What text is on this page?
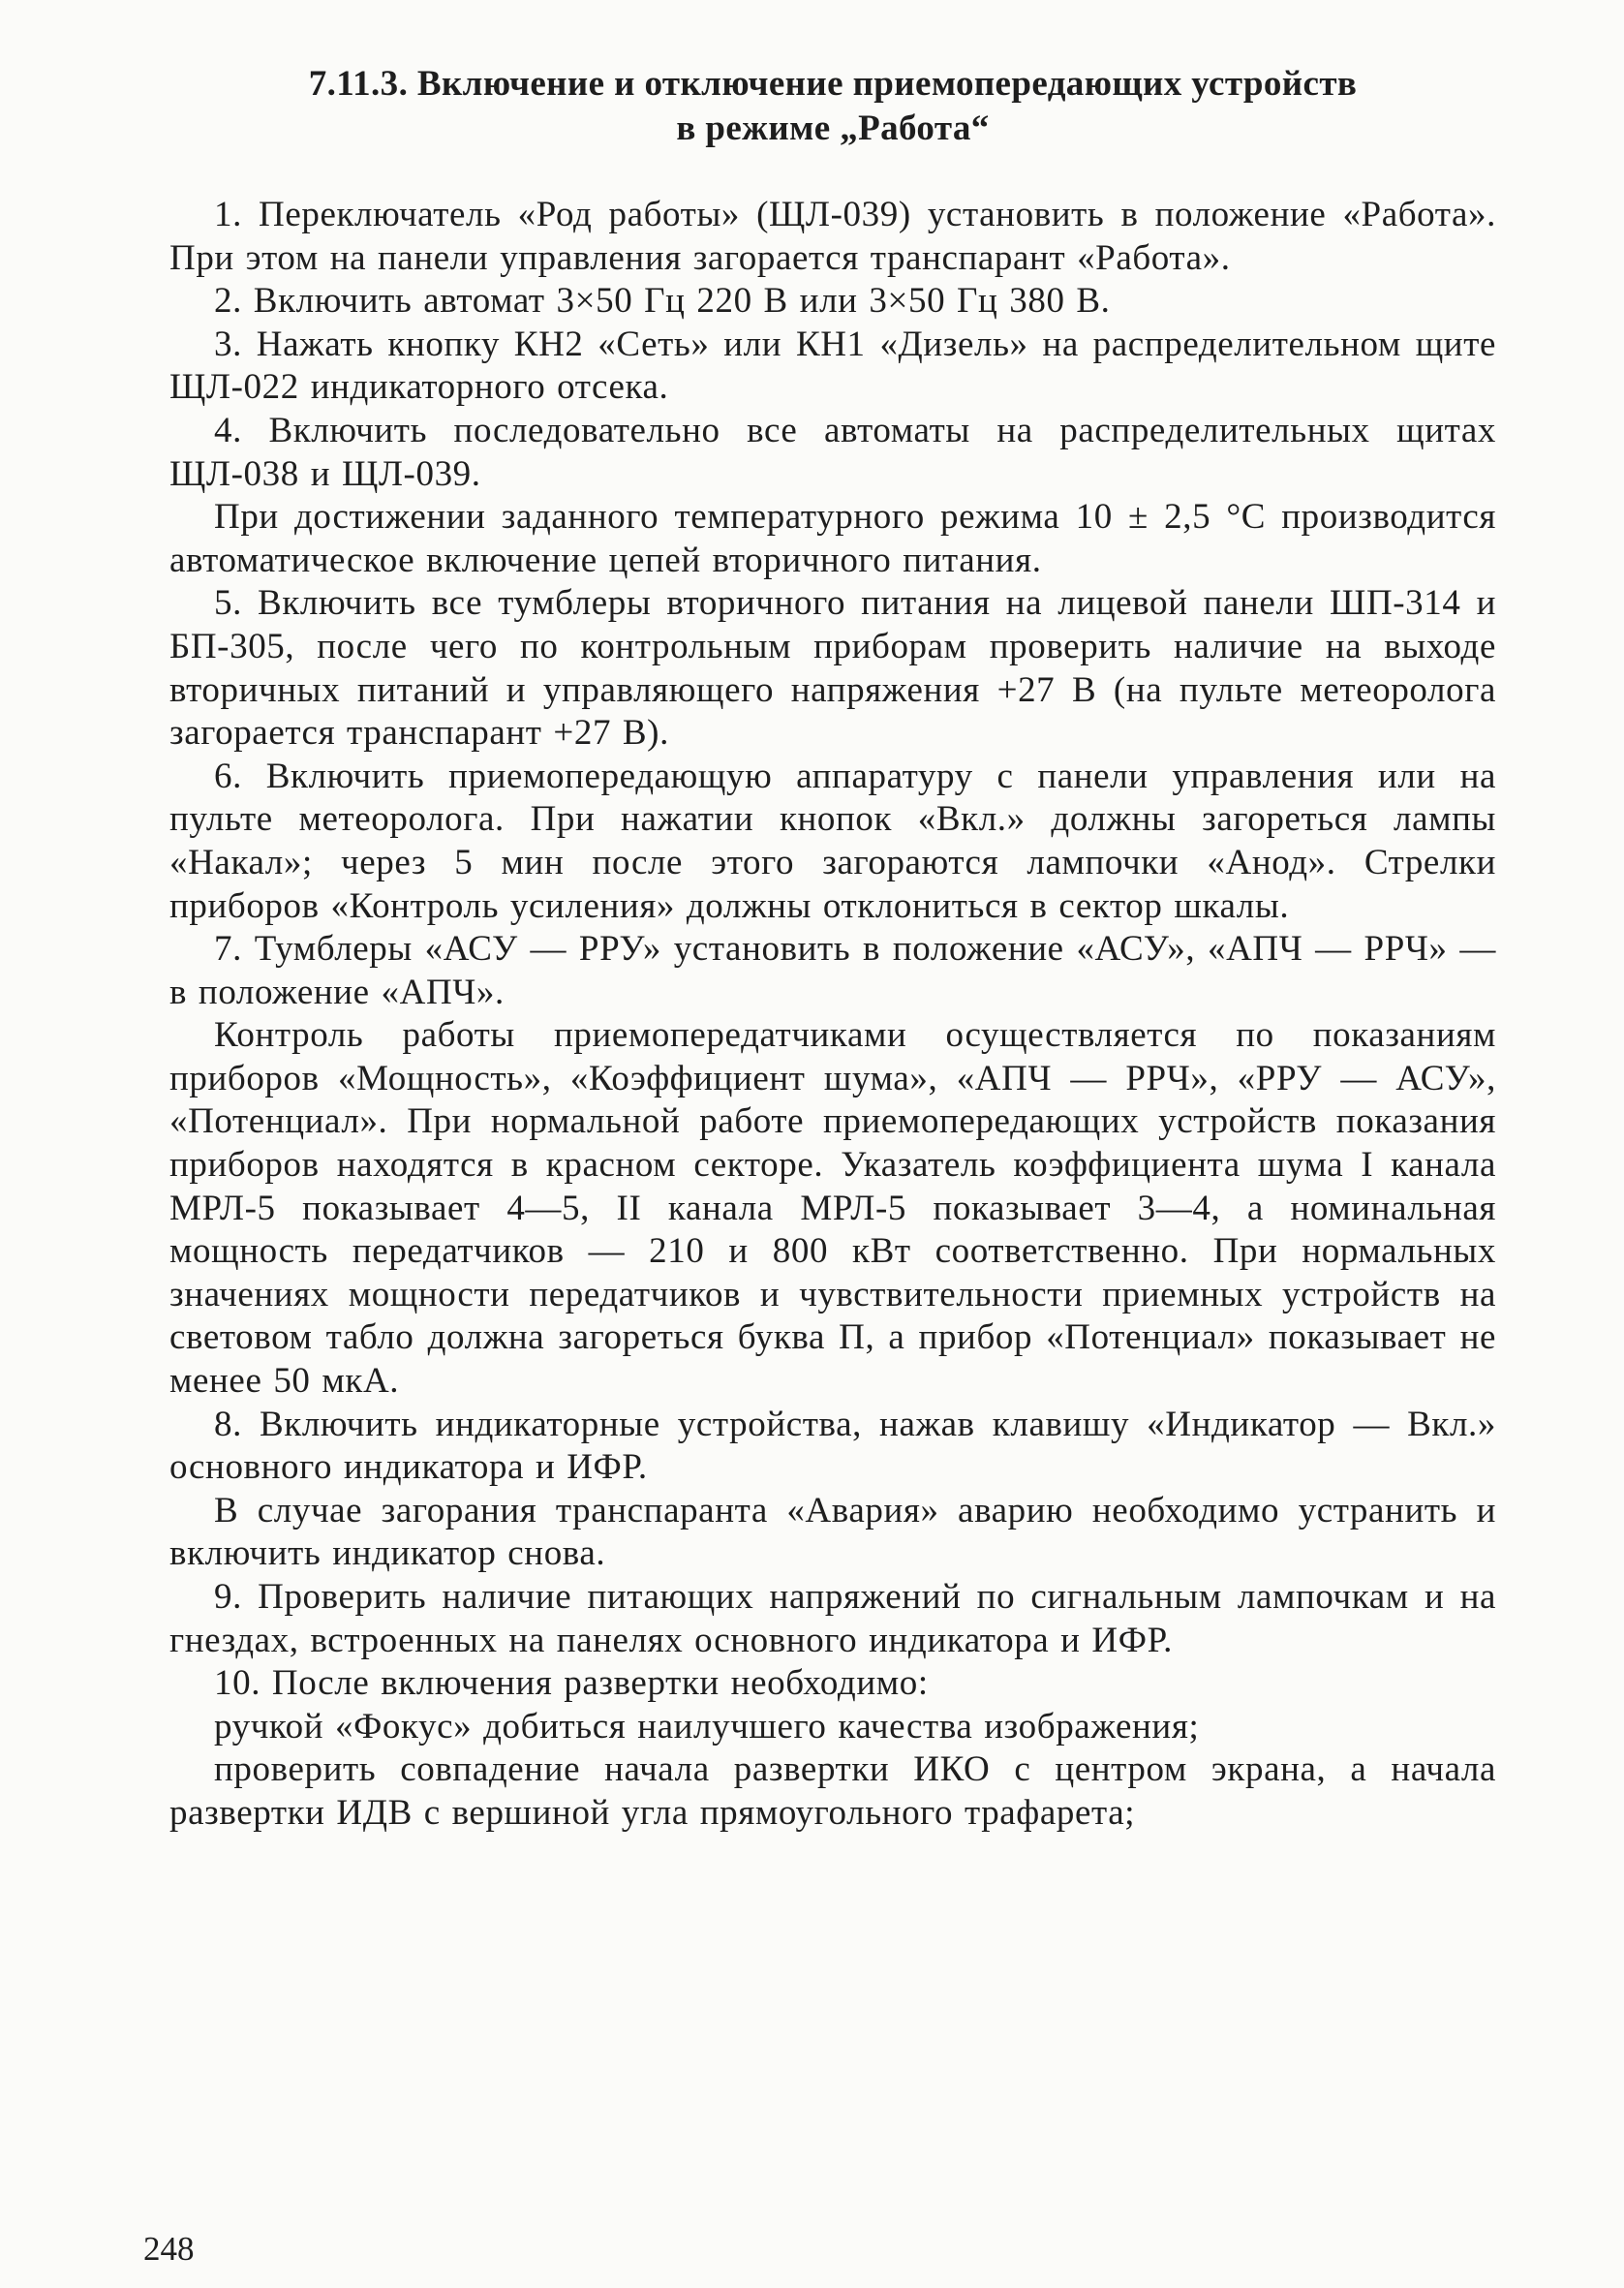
7.11.3. Включение и отключение приемопередающих устройств
в режиме „Работа“

1. Переключатель «Род работы» (ЩЛ-039) установить в положение «Работа». При этом на панели управления загорается транспарант «Работа».

2. Включить автомат 3×50 Гц 220 В или 3×50 Гц 380 В.

3. Нажать кнопку КН2 «Сеть» или КН1 «Дизель» на распределительном щите ЩЛ-022 индикаторного отсека.

4. Включить последовательно все автоматы на распределительных щитах ЩЛ-038 и ЩЛ-039.

При достижении заданного температурного режима 10 ± 2,5 °С производится автоматическое включение цепей вторичного питания.

5. Включить все тумблеры вторичного питания на лицевой панели ШП-314 и БП-305, после чего по контрольным приборам проверить наличие на выходе вторичных питаний и управляющего напряжения +27 В (на пульте метеоролога загорается транспарант +27 В).

6. Включить приемопередающую аппаратуру с панели управления или на пульте метеоролога. При нажатии кнопок «Вкл.» должны загореться лампы «Накал»; через 5 мин после этого загораются лампочки «Анод». Стрелки приборов «Контроль усиления» должны отклониться в сектор шкалы.

7. Тумблеры «АСУ — РРУ» установить в положение «АСУ», «АПЧ — РРЧ» — в положение «АПЧ».

Контроль работы приемопередатчиками осуществляется по показаниям приборов «Мощность», «Коэффициент шума», «АПЧ — РРЧ», «РРУ — АСУ», «Потенциал». При нормальной работе приемопередающих устройств показания приборов находятся в красном секторе. Указатель коэффициента шума I канала МРЛ-5 показывает 4—5, II канала МРЛ-5 показывает 3—4, а номинальная мощность передатчиков — 210 и 800 кВт соответственно. При нормальных значениях мощности передатчиков и чувствительности приемных устройств на световом табло должна загореться буква П, а прибор «Потенциал» показывает не менее 50 мкА.

8. Включить индикаторные устройства, нажав клавишу «Индикатор — Вкл.» основного индикатора и ИФР.

В случае загорания транспаранта «Авария» аварию необходимо устранить и включить индикатор снова.

9. Проверить наличие питающих напряжений по сигнальным лампочкам и на гнездах, встроенных на панелях основного индикатора и ИФР.

10. После включения развертки необходимо:

ручкой «Фокус» добиться наилучшего качества изображения;

проверить совпадение начала развертки ИКО с центром экрана, а начала развертки ИДВ с вершиной угла прямоугольного трафарета;

248
